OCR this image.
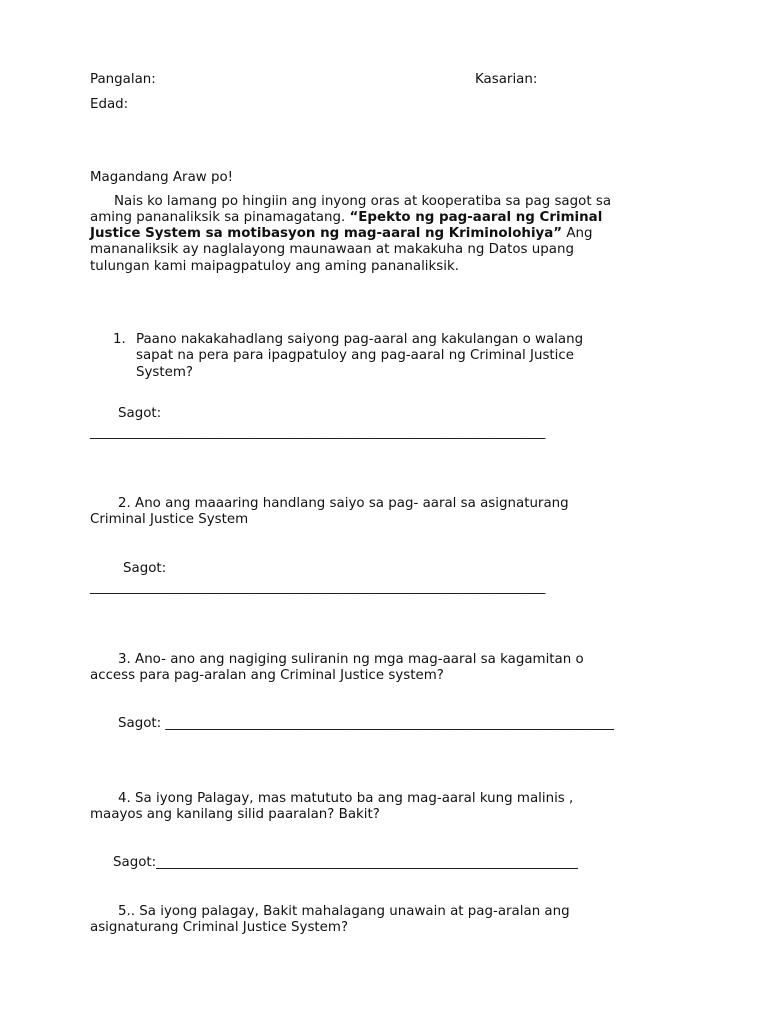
Pangalan:	Kasarian:
Edad:
Magandang Araw po!
Nais ko lamang po hingiin ang inyong oras at kooperatiba sa pag sagot sa
aming pananaliksik sa pinamagatang. “Epekto ng pag-aaral ng Criminal
Justice System sa motibasyon ng mag-aaral ng Kriminolohiya” Ang
mananaliksik ay naglalayong maunawaan at makakuha ng Datos upang
tulungan kami maipagpatuloy ang aming pananaliksik.
1. Paano nakakahadlang saiyong pag-aaral ang kakulangan o walang
sapat na pera para ipagpatuloy ang pag-aaral ng Criminal Justice
System?
Sagot:
____________________________________________________________________
2. Ano ang maaaring handlang saiyo sa pag- aaral sa asignaturang
Criminal Justice System
Sagot:
____________________________________________________________________
3. Ano- ano ang nagiging suliranin ng mga mag-aaral sa kagamitan o
access para pag-aralan ang Criminal Justice system?
Sagot: ___________________________________________________________________
4. Sa iyong Palagay, mas matututo ba ang mag-aaral kung malinis ,
maayos ang kanilang silid paaralan? Bakit?
Sagot:_______________________________________________________________
5.. Sa iyong palagay, Bakit mahalagang unawain at pag-aralan ang
asignaturang Criminal Justice System?
